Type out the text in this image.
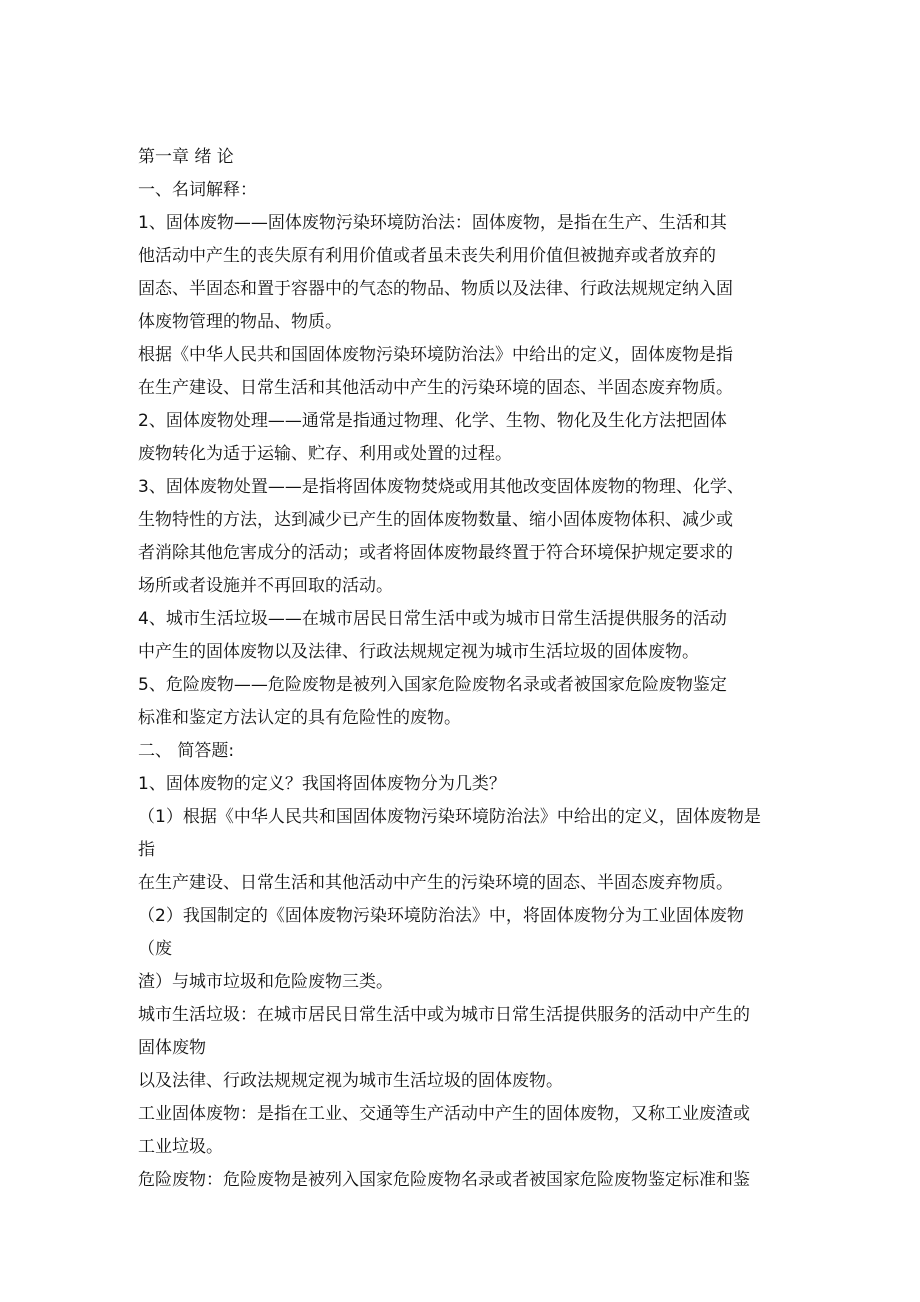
第一章 绪 论
一、名词解释：
1、固体废物——固体废物污染环境防治法：固体废物，是指在生产、生活和其
他活动中产生的丧失原有利用价值或者虽未丧失利用价值但被抛弃或者放弃的
固态、半固态和置于容器中的气态的物品、物质以及法律、行政法规规定纳入固
体废物管理的物品、物质。
根据《中华人民共和国固体废物污染环境防治法》中给出的定义，固体废物是指
在生产建设、日常生活和其他活动中产生的污染环境的固态、半固态废弃物质。
2、固体废物处理——通常是指通过物理、化学、生物、物化及生化方法把固体
废物转化为适于运输、贮存、利用或处置的过程。
3、固体废物处置——是指将固体废物焚烧或用其他改变固体废物的物理、化学、
生物特性的方法，达到减少已产生的固体废物数量、缩小固体废物体积、减少或
者消除其他危害成分的活动；或者将固体废物最终置于符合环境保护规定要求的
场所或者设施并不再回取的活动。
4、城市生活垃圾——在城市居民日常生活中或为城市日常生活提供服务的活动
中产生的固体废物以及法律、行政法规规定视为城市生活垃圾的固体废物。
5、危险废物——危险废物是被列入国家危险废物名录或者被国家危险废物鉴定
标准和鉴定方法认定的具有危险性的废物。
二、 简答题:
1、固体废物的定义？我国将固体废物分为几类？
（1）根据《中华人民共和国固体废物污染环境防治法》中给出的定义，固体废物是
指
在生产建设、日常生活和其他活动中产生的污染环境的固态、半固态废弃物质。
（2）我国制定的《固体废物污染环境防治法》中，将固体废物分为工业固体废物
（废
渣）与城市垃圾和危险废物三类。
城市生活垃圾：在城市居民日常生活中或为城市日常生活提供服务的活动中产生的
固体废物
以及法律、行政法规规定视为城市生活垃圾的固体废物。
工业固体废物：是指在工业、交通等生产活动中产生的固体废物，又称工业废渣或
工业垃圾。
危险废物：危险废物是被列入国家危险废物名录或者被国家危险废物鉴定标准和鉴
